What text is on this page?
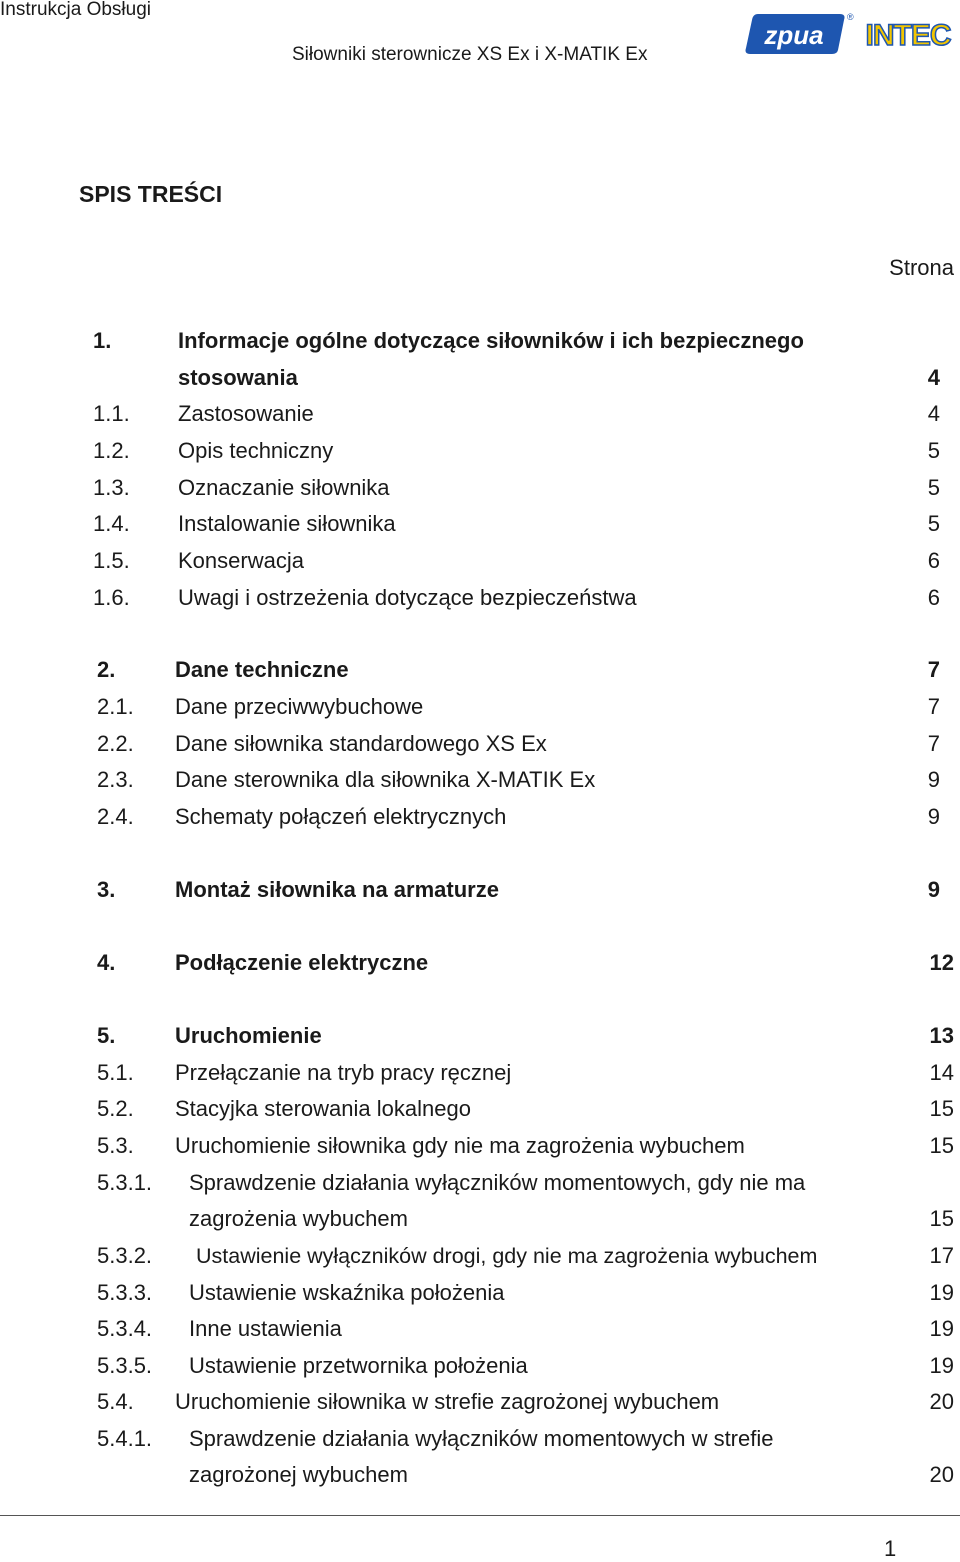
Instrukcja Obsługi
Siłowniki sterownicze XS Ex i X-MATIK Ex
zpua
®
INTEC
SPIS TREŚCI
Strona
1.	Informacje ogólne dotyczące siłowników i ich bezpiecznego
stosowania	4
1.1. Zastosowanie	4
1.2. Opis techniczny	5
1.3. Oznaczanie siłownika	5
1.4. Instalowanie siłownika	5
1.5. Konserwacja	6
1.6. Uwagi i ostrzeżenia dotyczące bezpieczeństwa	6
2.	Dane techniczne	7
2.1. Dane przeciwwybuchowe	7
2.2. Dane siłownika standardowego XS Ex	7
2.3. Dane sterownika dla siłownika X-MATIK Ex	9
2.4. Schematy połączeń elektrycznych	9
3.	Montaż siłownika na armaturze	9
4.	Podłączenie elektryczne	12
5.	Uruchomienie	13
5.1. Przełączanie na tryb pracy ręcznej	14
5.2. Stacyjka sterowania lokalnego	15
5.3. Uruchomienie siłownika gdy nie ma zagrożenia wybuchem	15
5.3.1. Sprawdzenie działania wyłączników momentowych, gdy nie ma
zagrożenia wybuchem	15
5.3.2. Ustawienie wyłączników drogi, gdy nie ma zagrożenia wybuchem	17
5.3.3. Ustawienie wskaźnika położenia	19
5.3.4. Inne ustawienia	19
5.3.5. Ustawienie przetwornika położenia	19
5.4. Uruchomienie siłownika w strefie zagrożonej wybuchem	20
5.4.1. Sprawdzenie działania wyłączników momentowych w strefie
zagrożonej wybuchem	20
1
